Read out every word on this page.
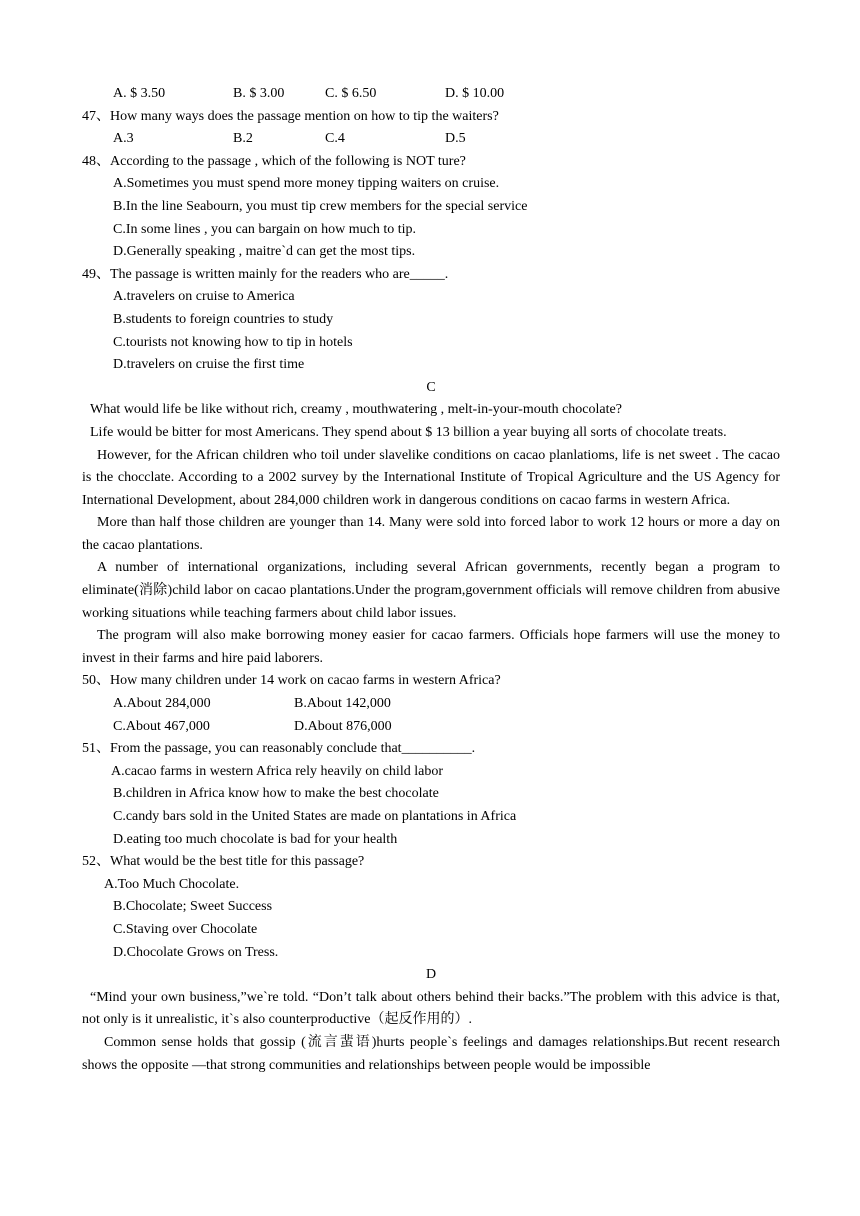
A. $ 3.50	B. $ 3.00	C. $ 6.50	D. $ 10.00
47、How many ways does the passage mention on how to tip the waiters?
A.3	B.2	C.4	D.5
48、According to the passage , which of the following is NOT ture?
A.Sometimes you must spend more money tipping waiters on cruise.
B.In the line Seabourn, you must tip crew members for the special service
C.In some lines , you can bargain on how much to tip.
D.Generally speaking , maitre`d can get the most tips.
49、The passage is written mainly for the readers who are_____.
A.travelers on cruise to America
B.students to foreign countries to study
C.tourists not knowing how to tip in hotels
D.travelers on cruise the first time
C
What would life be like without rich, creamy , mouthwatering , melt-in-your-mouth chocolate?
Life would be bitter for most Americans. They spend about $ 13 billion a year buying all sorts of chocolate treats.
However, for the African children who toil under slavelike conditions on cacao planlatioms, life is net sweet . The cacao is the chocclate. According to a 2002 survey by the International Institute of Tropical Agriculture and the US Agency for International Development, about 284,000 children work in dangerous conditions on cacao farms in western Africa.
More than half those children are younger than 14. Many were sold into forced labor to work 12 hours or more a day on the cacao plantations.
A number of international organizations, including several African governments, recently began a program to eliminate(消除)child labor on cacao plantations.Under the program,government officials will remove children from abusive working situations while teaching farmers about child labor issues.
The program will also make borrowing money easier for cacao farmers. Officials hope farmers will use the money to invest in their farms and hire paid laborers.
50、How many children under 14 work on cacao farms in western Africa?
A.About 284,000	B.About 142,000
C.About 467,000	D.About 876,000
51、From the passage, you can reasonably conclude that__________.
A.cacao farms in western Africa rely heavily on child labor
B.children in Africa know how to make the best chocolate
C.candy bars sold in the United States are made on plantations in Africa
D.eating too much chocolate is bad for your health
52、What would be the best title for this passage?
A.Too Much Chocolate.
B.Chocolate; Sweet Success
C.Staving over Chocolate
D.Chocolate Grows on Tress.
D
“Mind your own business,”we`re told. “Don’t talk about others behind their backs.”The problem with this advice is that, not only is it unrealistic, it`s also counterproductive（起反作用的）.
Common sense holds that gossip (流言蜚语)hurts people`s feelings and damages relationships.But recent research shows the opposite —that strong communities and relationships between people would be impossible
